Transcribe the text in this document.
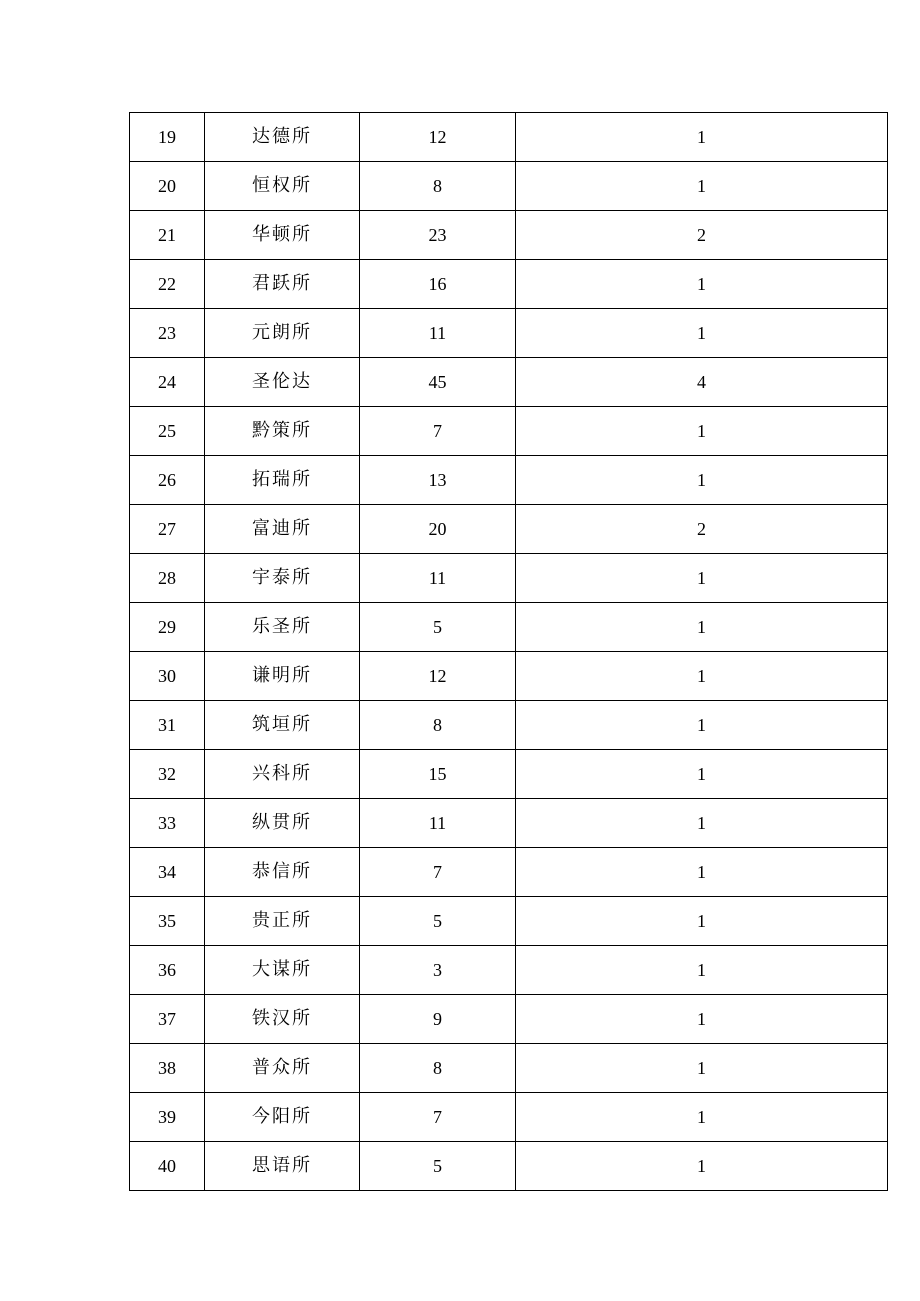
19	达德所	12	1
20	恒权所	8	1
21	华顿所	23	2
22	君跃所	16	1
23	元朗所	11	1
24	圣伦达	45	4
25	黔策所	7	1
26	拓瑞所	13	1
27	富迪所	20	2
28	宇泰所	11	1
29	乐圣所	5	1
30	谦明所	12	1
31	筑垣所	8	1
32	兴科所	15	1
33	纵贯所	11	1
34	恭信所	7	1
35	贵正所	5	1
36	大谋所	3	1
37	铁汉所	9	1
38	普众所	8	1
39	今阳所	7	1
40	思语所	5	1
